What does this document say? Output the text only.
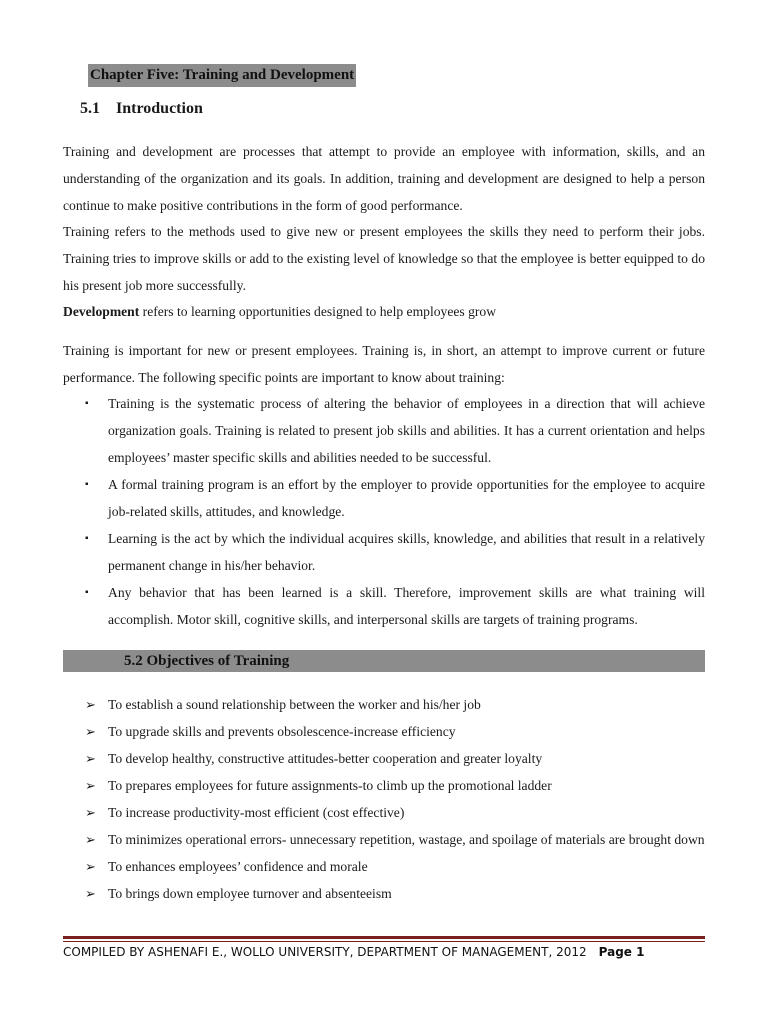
Chapter Five: Training and Development
5.1 Introduction

Training and development are processes that attempt to provide an employee with information, skills, and an understanding of the organization and its goals. In addition, training and development are designed to help a person continue to make positive contributions in the form of good performance.

Training refers to the methods used to give new or present employees the skills they need to perform their jobs. Training tries to improve skills or add to the existing level of knowledge so that the employee is better equipped to do his present job more successfully.

Development refers to learning opportunities designed to help employees grow

Training is important for new or present employees. Training is, in short, an attempt to improve current or future performance. The following specific points are important to know about training:

▪ Training is the systematic process of altering the behavior of employees in a direction that will achieve organization goals. Training is related to present job skills and abilities. It has a current orientation and helps employees’ master specific skills and abilities needed to be successful.
▪ A formal training program is an effort by the employer to provide opportunities for the employee to acquire job-related skills, attitudes, and knowledge.
▪ Learning is the act by which the individual acquires skills, knowledge, and abilities that result in a relatively permanent change in his/her behavior.
▪ Any behavior that has been learned is a skill. Therefore, improvement skills are what training will accomplish. Motor skill, cognitive skills, and interpersonal skills are targets of training programs.
5.2 Objectives of Training
➢ To establish a sound relationship between the worker and his/her job
➢ To upgrade skills and prevents obsolescence-increase efficiency
➢ To develop healthy, constructive attitudes-better cooperation and greater loyalty
➢ To prepares employees for future assignments-to climb up the promotional ladder
➢ To increase productivity-most efficient (cost effective)
➢ To minimizes operational errors- unnecessary repetition, wastage, and spoilage of materials are brought down
➢ To enhances employees’ confidence and morale
➢ To brings down employee turnover and absenteeism
COMPILED BY ASHENAFI E., WOLLO UNIVERSITY, DEPARTMENT OF MANAGEMENT, 2012 Page 1
